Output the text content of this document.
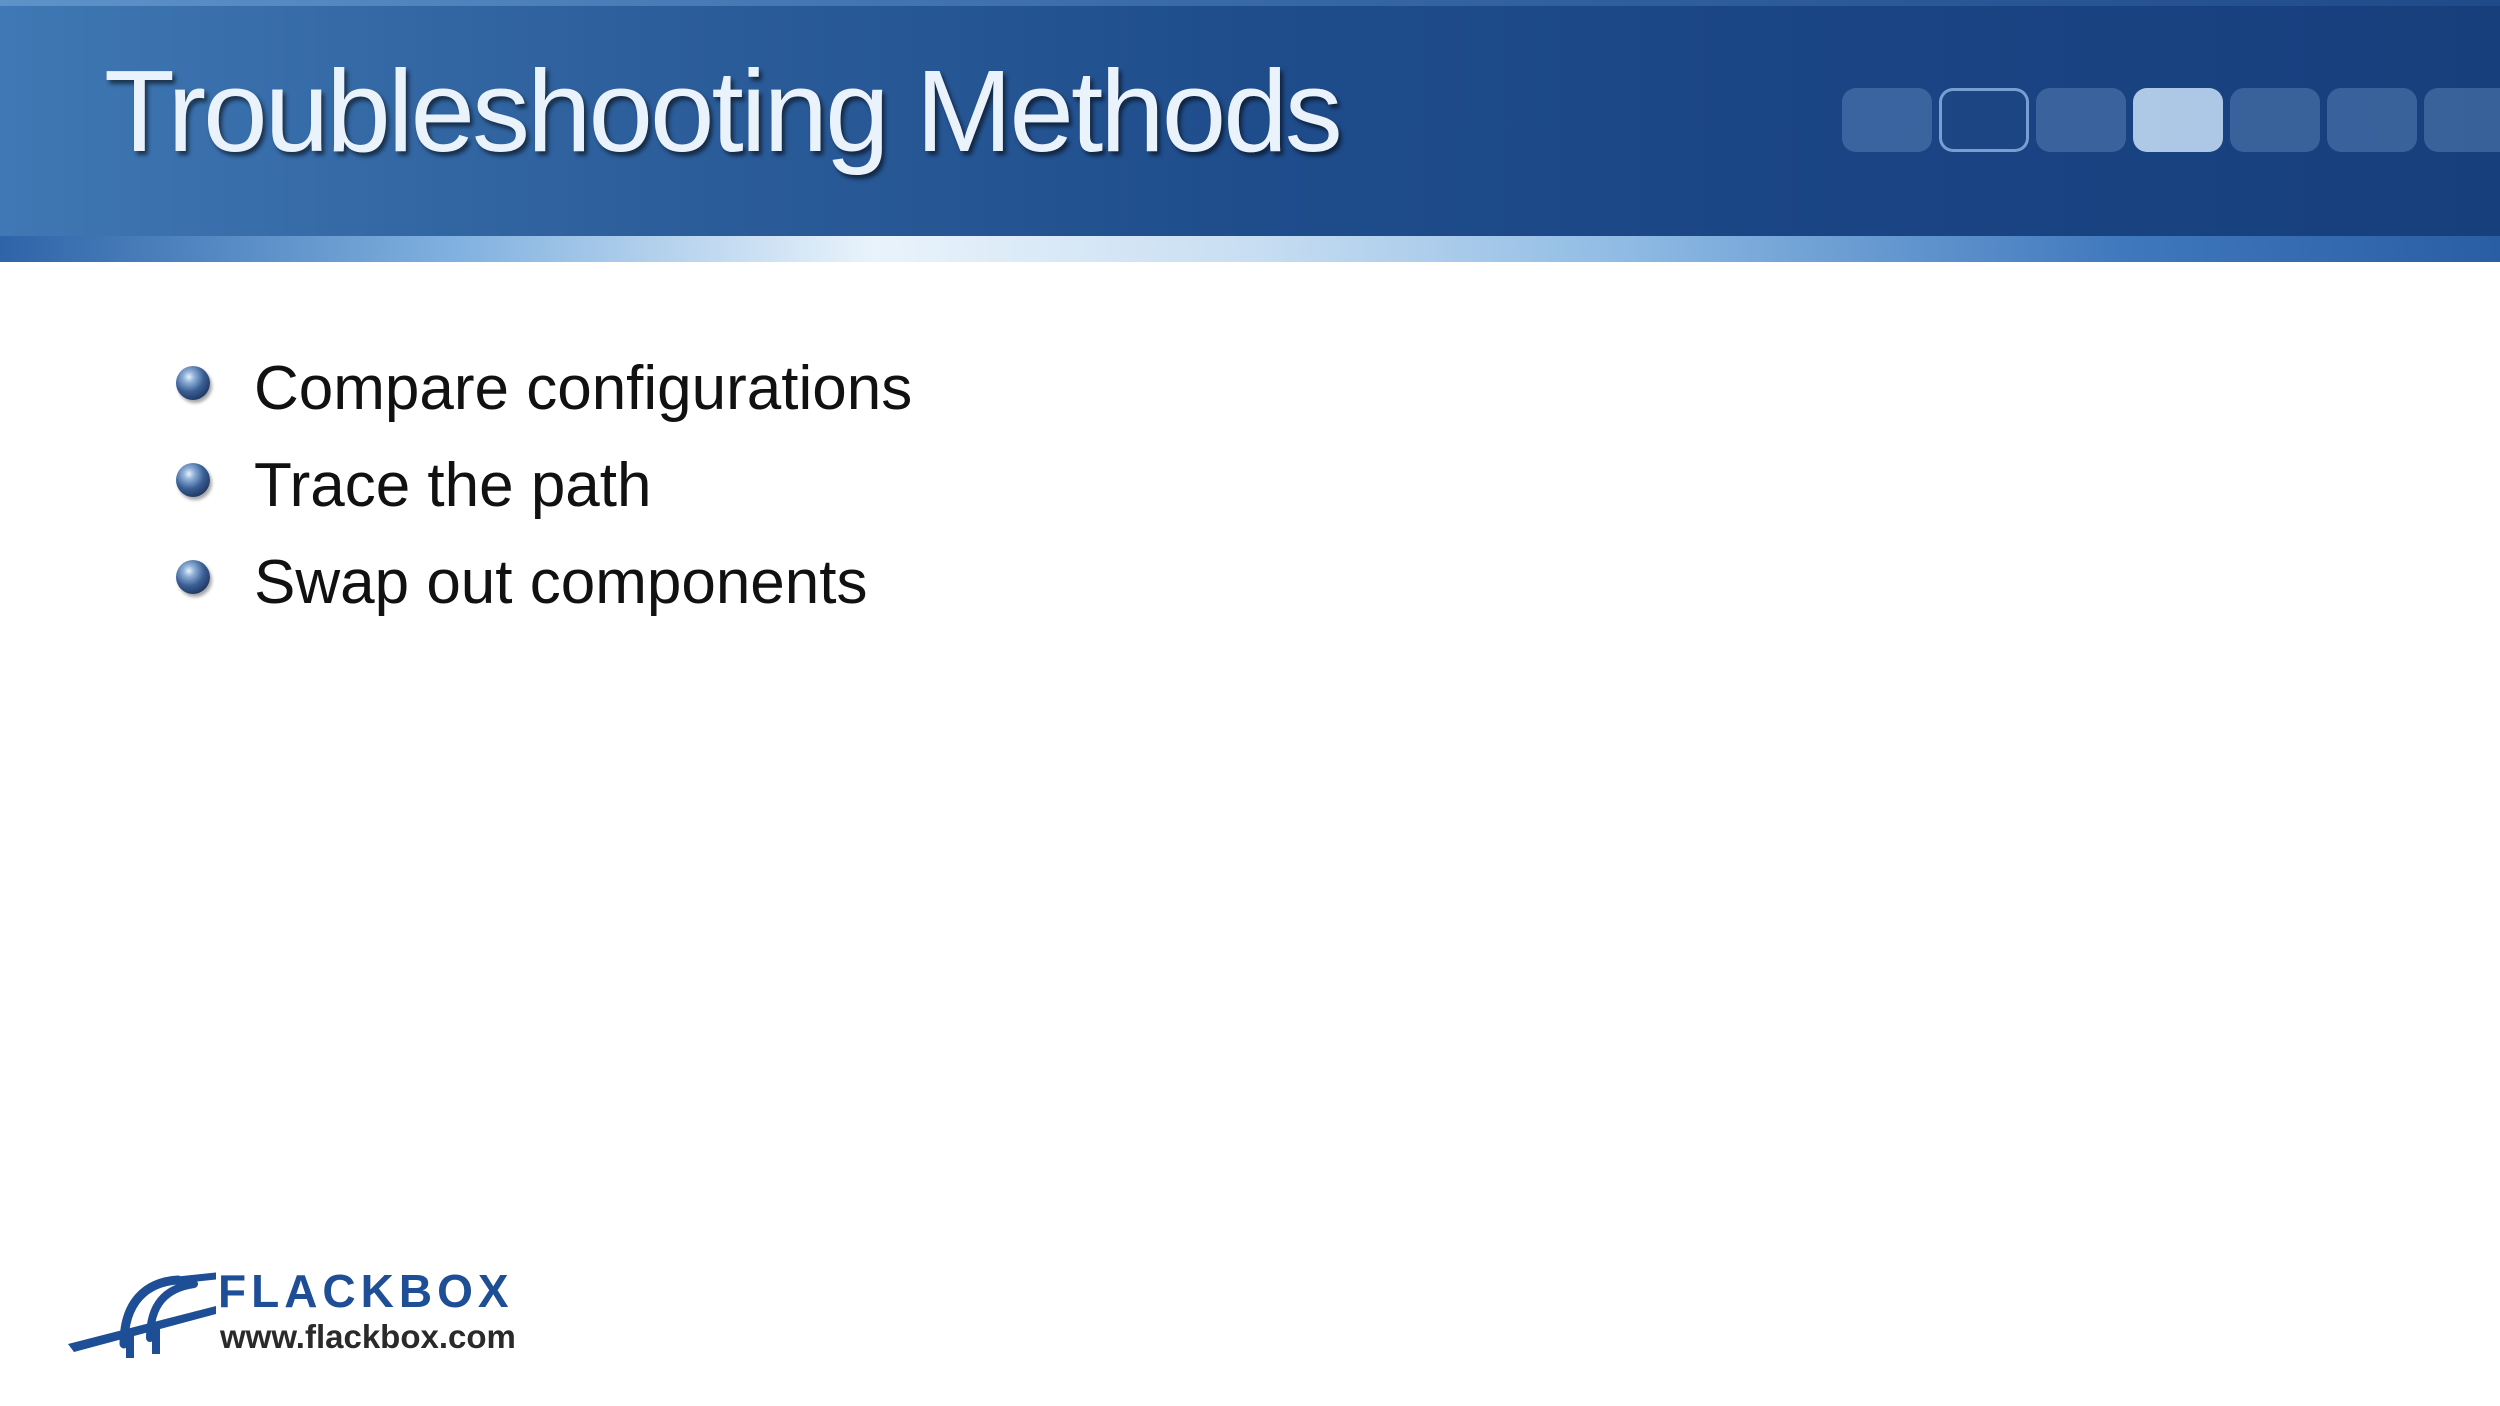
Troubleshooting Methods
Compare configurations
Trace the path
Swap out components
FLACKBOX
www.flackbox.com
